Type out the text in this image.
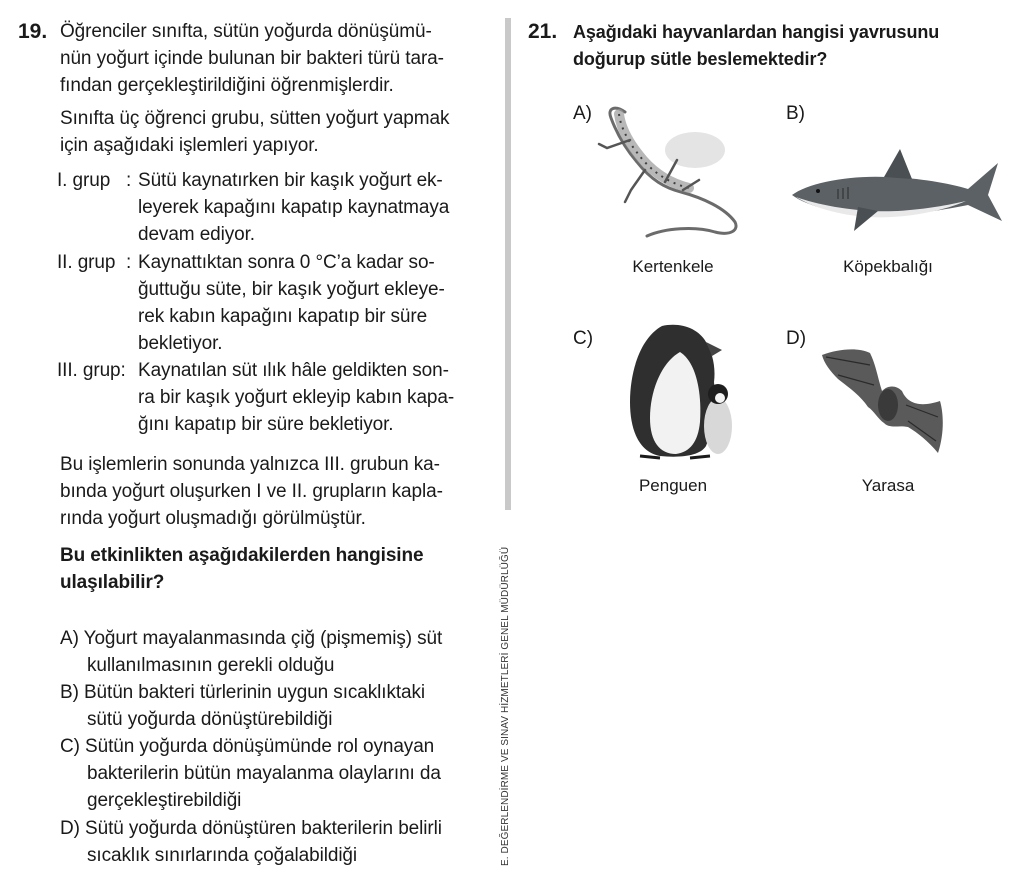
19. Öğrenciler sınıfta, sütün yoğurda dönüşümü-
nün yoğurt içinde bulunan bir bakteri türü tara-
fından gerçekleştirildiğini öğrenmişlerdir.
Sınıfta üç öğrenci grubu, sütten yoğurt yapmak
için aşağıdaki işlemleri yapıyor.
I. grup : Sütü kaynatırken bir kaşık yoğurt ek-
leyerek kapağını kapatıp kaynatmaya
devam ediyor.
II. grup : Kaynattıktan sonra 0 °C’a kadar so-
ğuttuğu süte, bir kaşık yoğurt ekleye-
rek kabın kapağını kapatıp bir süre
bekletiyor.
III. grup: Kaynatılan süt ılık hâle geldikten son-
ra bir kaşık yoğurt ekleyip kabın kapa-
ğını kapatıp bir süre bekletiyor.
Bu işlemlerin sonunda yalnızca III. grubun ka-
bında yoğurt oluşurken I ve II. grupların kapla-
rında yoğurt oluşmadığı görülmüştür.
Bu etkinlikten aşağıdakilerden hangisine
ulaşılabilir?
A) Yoğurt mayalanmasında çiğ (pişmemiş) süt
kullanılmasının gerekli olduğu
B) Bütün bakteri türlerinin uygun sıcaklıktaki
sütü yoğurda dönüştürebildiği
C) Sütün yoğurda dönüşümünde rol oynayan
bakterilerin bütün mayalanma olaylarını da
gerçekleştirebildiği
D) Sütü yoğurda dönüştüren bakterilerin belirli
sıcaklık sınırlarında çoğalabildiği	E. DEĞERLENDİRME VE SINAV HİZMETLERİ GENEL MÜDÜRLÜĞÜ
21. Aşağıdaki hayvanlardan hangisi yavrusunu
doğurup sütle beslemektedir?
A)
Kertenkele
B)
Köpekbalığı
C)
Penguen
D)
Yarasa
